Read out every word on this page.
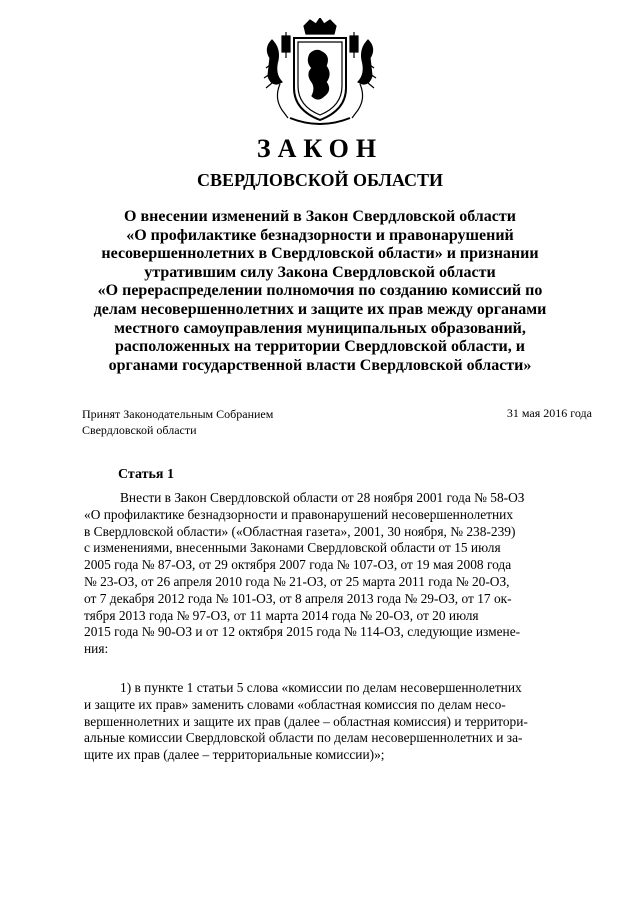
ЗАКОН
СВЕРДЛОВСКОЙ ОБЛАСТИ
О внесении изменений в Закон Свердловской области
«О профилактике безнадзорности и правонарушений
несовершеннолетних в Свердловской области» и признании
утратившим силу Закона Свердловской области
«О перераспределении полномочия по созданию комиссий по
делам несовершеннолетних и защите их прав между органами
местного самоуправления муниципальных образований,
расположенных на территории Свердловской области, и
органами государственной власти Свердловской области»
Принят Законодательным Собранием
Свердловской области
31 мая 2016 года
Статья 1
Внести в Закон Свердловской области от 28 ноября 2001 года № 58-ОЗ
«О профилактике безнадзорности и правонарушений несовершеннолетних
в Свердловской области» («Областная газета», 2001, 30 ноября, № 238-239)
с изменениями, внесенными Законами Свердловской области от 15 июля
2005 года № 87-ОЗ, от 29 октября 2007 года № 107-ОЗ, от 19 мая 2008 года
№ 23-ОЗ, от 26 апреля 2010 года № 21-ОЗ, от 25 марта 2011 года № 20-ОЗ,
от 7 декабря 2012 года № 101-ОЗ, от 8 апреля 2013 года № 29-ОЗ, от 17 ок-
тября 2013 года № 97-ОЗ, от 11 марта 2014 года № 20-ОЗ, от 20 июля
2015 года № 90-ОЗ и от 12 октября 2015 года № 114-ОЗ, следующие измене-
ния:
1) в пункте 1 статьи 5 слова «комиссии по делам несовершеннолетних
и защите их прав» заменить словами «областная комиссия по делам несо-
вершеннолетних и защите их прав (далее – областная комиссия) и территори-
альные комиссии Свердловской области по делам несовершеннолетних и за-
щите их прав (далее – территориальные комиссии)»;
